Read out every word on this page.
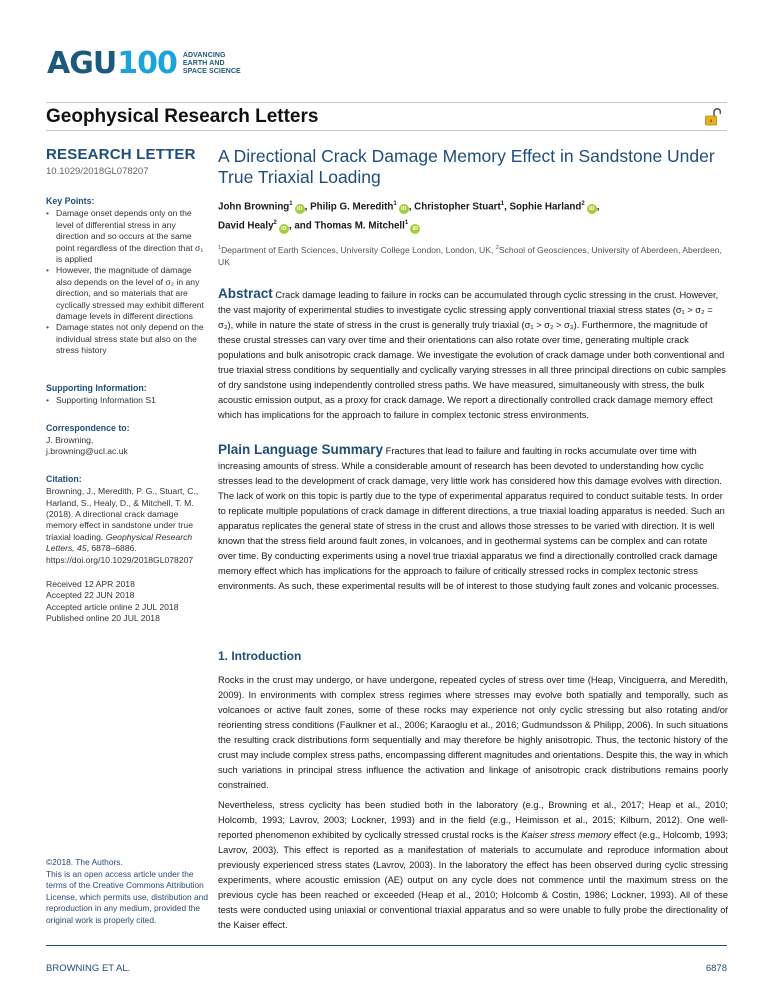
AGU 100 ADVANCING
EARTH AND
SPACE SCIENCE
Geophysical Research Letters
RESEARCH LETTER
10.1029/2018GL078207
Key Points:
• Damage onset depends only on the level of differential stress in any direction and so occurs at the same point regardless of the direction that σ₁ is applied
• However, the magnitude of damage also depends on the level of σ₂ in any direction, and so materials that are cyclically stressed may exhibit different damage levels in different directions
• Damage states not only depend on the individual stress state but also on the stress history
Supporting Information:
• Supporting Information S1
Correspondence to:
J. Browning,
j.browning@ucl.ac.uk
Citation:
Browning, J., Meredith, P. G., Stuart, C., Harland, S., Healy, D., & Mitchell, T. M. (2018). A directional crack damage memory effect in sandstone under true triaxial loading. Geophysical Research Letters, 45, 6878–6886. https://doi.org/10.1029/2018GL078207
Received 12 APR 2018
Accepted 22 JUN 2018
Accepted article online 2 JUL 2018
Published online 20 JUL 2018
©2018. The Authors.
This is an open access article under the terms of the Creative Commons Attribution License, which permits use, distribution and reproduction in any medium, provided the original work is properly cited.
A Directional Crack Damage Memory Effect in Sandstone Under True Triaxial Loading
John Browning$^1$iD , Philip G. Meredith$^1$iD , Christopher Stuart$^1$, Sophie Harland$^2$iD ,
David Healy$^2$iD , and Thomas M. Mitchell$^1$iD
$^1$Department of Earth Sciences, University College London, London, UK, $^2$School of Geosciences, University of Aberdeen, Aberdeen, UK
Abstract Crack damage leading to failure in rocks can be accumulated through cyclic stressing in the crust. However, the vast majority of experimental studies to investigate cyclic stressing apply conventional triaxial stress states (σ₁ > σ₂ = σ₃), while in nature the state of stress in the crust is generally truly triaxial (σ₁ > σ₂ > σ₃). Furthermore, the magnitude of these crustal stresses can vary over time and their orientations can also rotate over time, generating multiple crack populations and bulk anisotropic crack damage. We investigate the evolution of crack damage under both conventional and true triaxial stress conditions by sequentially and cyclically varying stresses in all three principal directions on cubic samples of dry sandstone using independently controlled stress paths. We have measured, simultaneously with stress, the bulk acoustic emission output, as a proxy for crack damage. We report a directionally controlled crack damage memory effect which has implications for the approach to failure in complex tectonic stress environments.
Plain Language Summary Fractures that lead to failure and faulting in rocks accumulate over time with increasing amounts of stress. While a considerable amount of research has been devoted to understanding how cyclic stresses lead to the development of crack damage, very little work has considered how this damage evolves with direction. The lack of work on this topic is partly due to the type of experimental apparatus required to conduct suitable tests. In order to replicate multiple populations of crack damage in different directions, a true triaxial loading apparatus is needed. Such an apparatus replicates the general state of stress in the crust and allows those stresses to be varied with direction. It is well known that the stress field around fault zones, in volcanoes, and in geothermal systems can be complex and can rotate over time. By conducting experiments using a novel true triaxial apparatus we find a directionally controlled crack damage memory effect which has implications for the approach to failure of critically stressed rocks in complex tectonic stress environments. As such, these experimental results will be of interest to those studying fault zones and volcanic processes.
1. Introduction

Rocks in the crust may undergo, or have undergone, repeated cycles of stress over time (Heap, Vinciguerra, and Meredith, 2009). In environments with complex stress regimes where stresses may evolve both spatially and temporally, such as volcanoes or active fault zones, some of these rocks may experience not only cyclic stressing but also rotating and/or reorienting stress conditions (Faulkner et al., 2006; Karaoglu et al., 2016; Gudmundsson & Philipp, 2006). In such situations the resulting crack distributions form sequentially and may therefore be highly anisotropic. Thus, the tectonic history of the crust may include complex stress paths, encompassing different magnitudes and orientations. Despite this, the way in which such variations in principal stress influence the activation and linkage of anisotropic crack distributions remains poorly constrained.

Nevertheless, stress cyclicity has been studied both in the laboratory (e.g., Browning et al., 2017; Heap et al., 2010; Holcomb, 1993; Lavrov, 2003; Lockner, 1993) and in the field (e.g., Heimisson et al., 2015; Kilburn, 2012). One well-reported phenomenon exhibited by cyclically stressed crustal rocks is the Kaiser stress memory effect (e.g., Holcomb, 1993; Lavrov, 2003). This effect is reported as a manifestation of materials to accumulate and reproduce information about previously experienced stress states (Lavrov, 2003). In the laboratory the effect has been observed during cyclic stressing experiments, where acoustic emission (AE) output on any cycle does not commence until the maximum stress on the previous cycle has been reached or exceeded (Heap et al., 2010; Holcomb & Costin, 1986; Lockner, 1993). All of these tests were conducted using uniaxial or conventional triaxial apparatus and so were unable to fully probe the directionality of the Kaiser effect.

BROWNING ET AL.	6878
